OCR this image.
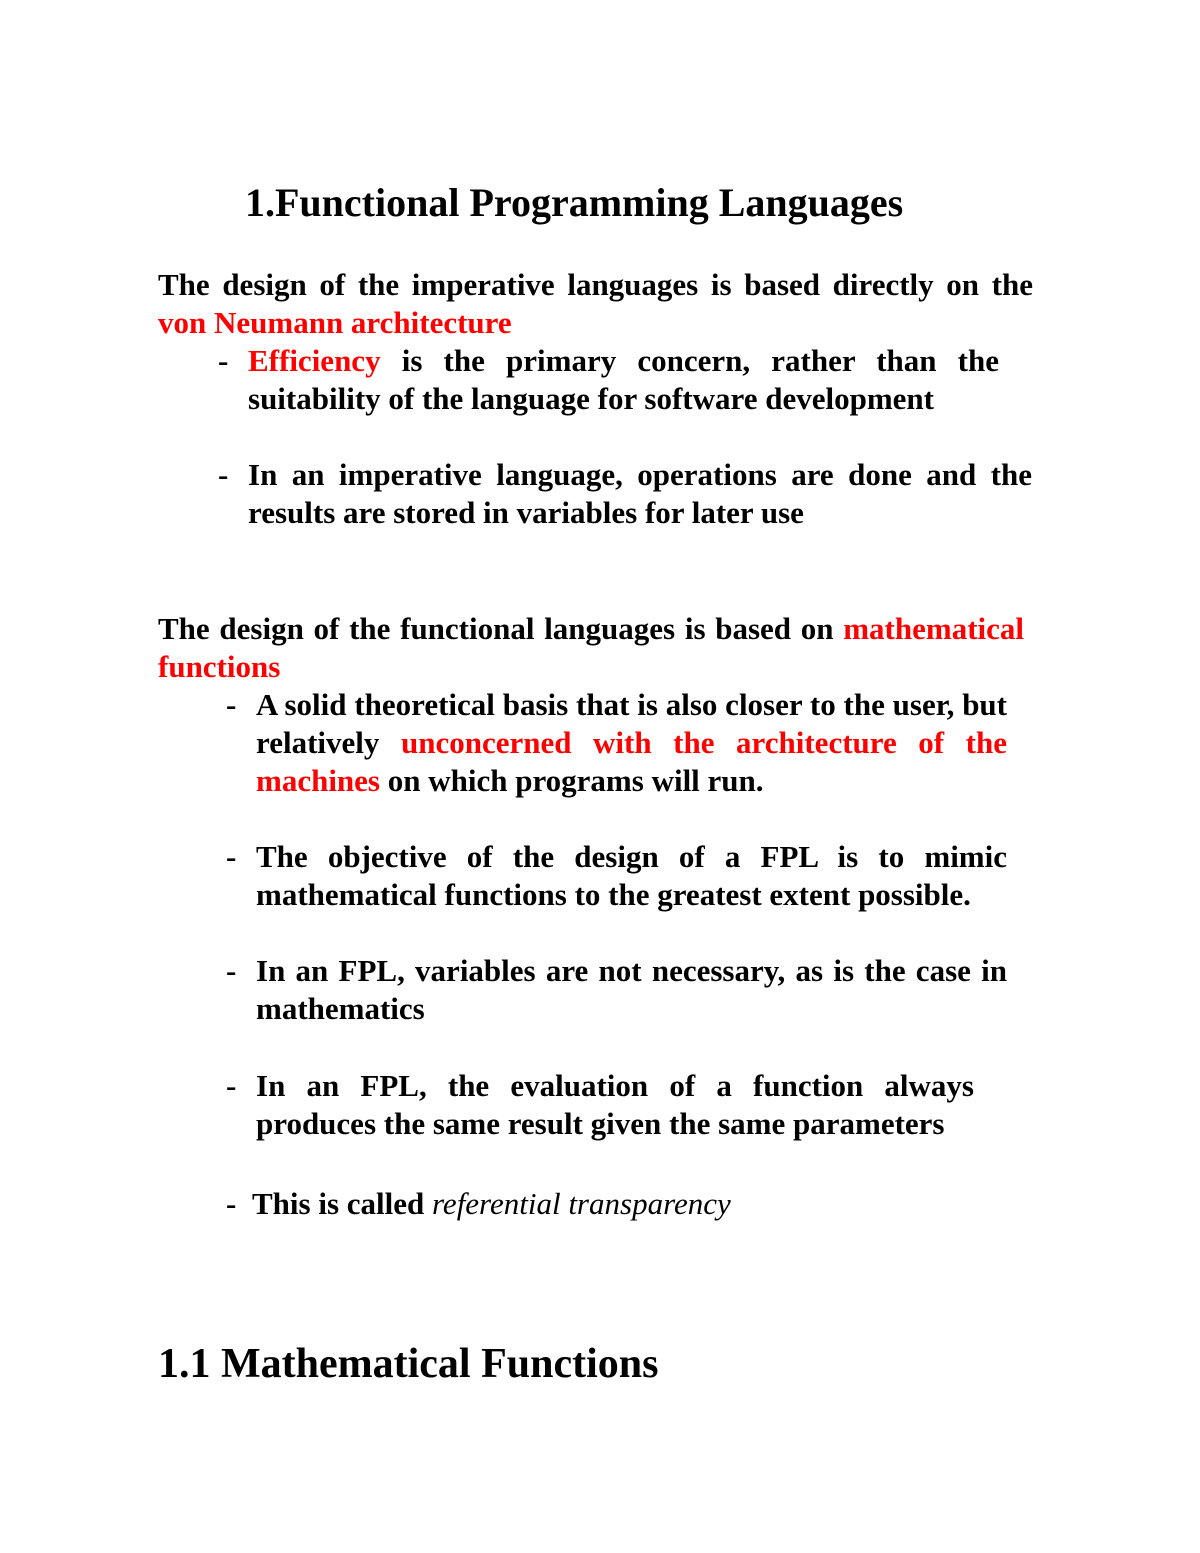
1.Functional Programming Languages

The design of the imperative languages is based directly on the von Neumann architecture

- Efficiency is the primary concern, rather than the suitability of the language for software development
- In an imperative language, operations are done and the results are stored in variables for later use

The design of the functional languages is based on mathematical functions

- A solid theoretical basis that is also closer to the user, but relatively unconcerned with the architecture of the machines on which programs will run.
- The objective of the design of a FPL is to mimic mathematical functions to the greatest extent possible.
- In an FPL, variables are not necessary, as is the case in mathematics
- In an FPL, the evaluation of a function always produces the same result given the same parameters
- This is called referential transparency
1.1 Mathematical Functions
